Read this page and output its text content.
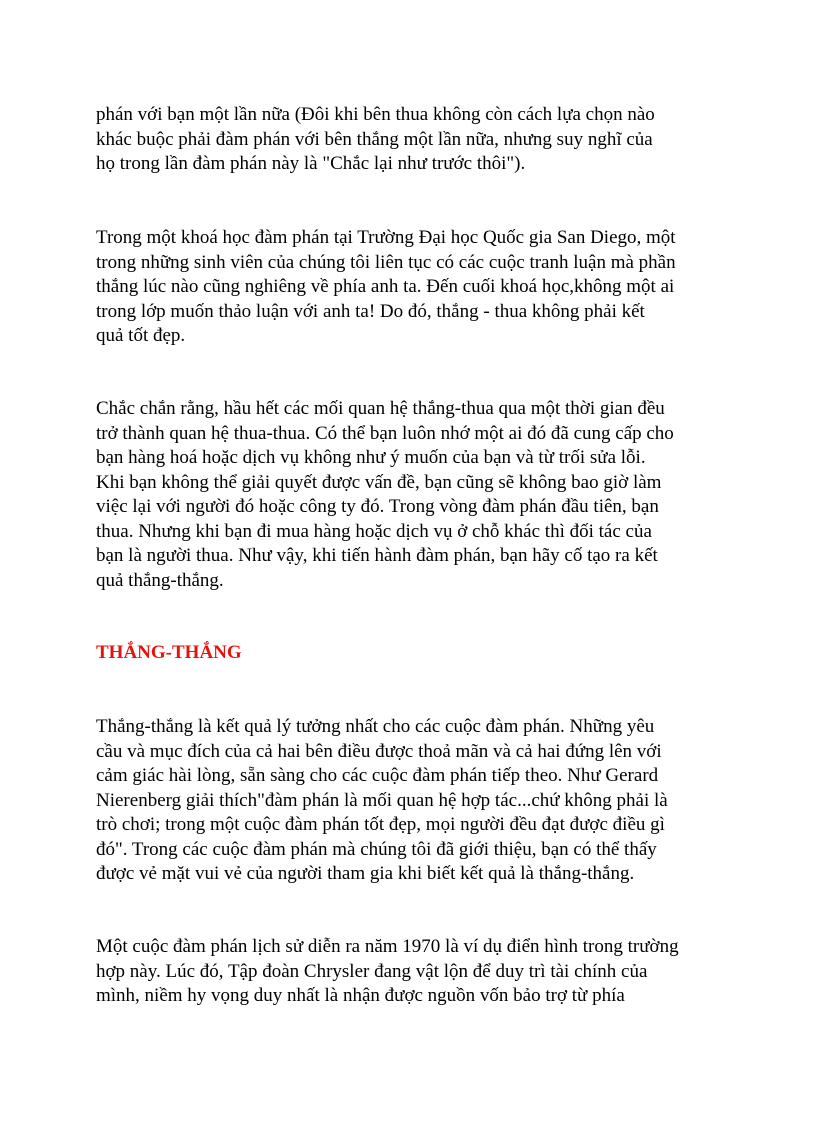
phán với bạn một lần nữa (Đôi khi bên thua không còn cách lựa chọn nào
khác buộc phải đàm phán với bên thắng một lần nữa, nhưng suy nghĩ của
họ trong lần đàm phán này là "Chắc lại như trước thôi").

Trong một khoá học đàm phán tại Trường Đại học Quốc gia San Diego, một
trong những sinh viên của chúng tôi liên tục có các cuộc tranh luận mà phần
thắng lúc nào cũng nghiêng về phía anh ta. Đến cuối khoá học,không một ai
trong lớp muốn thảo luận với anh ta! Do đó, thắng - thua không phải kết
quả tốt đẹp.

Chắc chắn rằng, hầu hết các mối quan hệ thắng-thua qua một thời gian đều
trở thành quan hệ thua-thua. Có thể bạn luôn nhớ một ai đó đã cung cấp cho
bạn hàng hoá hoặc dịch vụ không như ý muốn của bạn và từ trối sửa lỗi.
Khi bạn không thể giải quyết được vấn đề, bạn cũng sẽ không bao giờ làm
việc lại với người đó hoặc công ty đó. Trong vòng đàm phán đầu tiên, bạn
thua. Nhưng khi bạn đi mua hàng hoặc dịch vụ ở chỗ khác thì đối tác của
bạn là người thua. Như vậy, khi tiến hành đàm phán, bạn hãy cố tạo ra kết
quả thắng-thắng.

THẮNG-THẮNG

Thắng-thắng là kết quả lý tưởng nhất cho các cuộc đàm phán. Những yêu
cầu và mục đích của cả hai bên điều được thoả mãn và cả hai đứng lên với
cảm giác hài lòng, sẵn sàng cho các cuộc đàm phán tiếp theo. Như Gerard
Nierenberg giải thích"đàm phán là mối quan hệ hợp tác...chứ không phải là
trò chơi; trong một cuộc đàm phán tốt đẹp, mọi người đều đạt được điều gì
đó". Trong các cuộc đàm phán mà chúng tôi đã giới thiệu, bạn có thể thấy
được vẻ mặt vui vẻ của người tham gia khi biết kết quả là thắng-thắng.

Một cuộc đàm phán lịch sử diễn ra năm 1970 là ví dụ điển hình trong trường
hợp này. Lúc đó, Tập đoàn Chrysler đang vật lộn để duy trì tài chính của
mình, niềm hy vọng duy nhất là nhận được nguồn vốn bảo trợ từ phía
